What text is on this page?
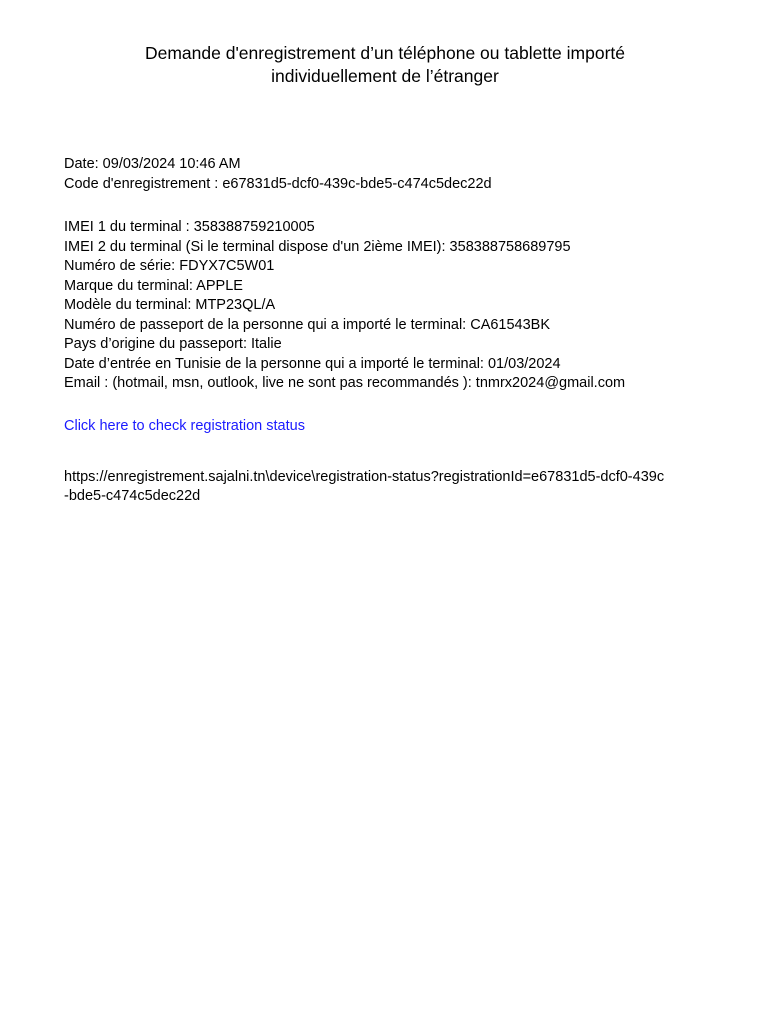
Demande d'enregistrement d’un téléphone ou tablette importé
individuellement de l’étranger
Date: 09/03/2024 10:46 AM
Code d'enregistrement : e67831d5-dcf0-439c-bde5-c474c5dec22d
IMEI 1 du terminal : 358388759210005
IMEI 2 du terminal (Si le terminal dispose d'un 2ième IMEI): 358388758689795
Numéro de série: FDYX7C5W01
Marque du terminal: APPLE
Modèle du terminal: MTP23QL/A
Numéro de passeport de la personne qui a importé le terminal: CA61543BK
Pays d’origine du passeport: Italie
Date d’entrée en Tunisie de la personne qui a importé le terminal: 01/03/2024
Email : (hotmail, msn, outlook, live ne sont pas recommandés ): tnmrx2024@gmail.com
Click here to check registration status
https://enregistrement.sajalni.tn\device\registration-status?registrationId=e67831d5-dcf0-439c
-bde5-c474c5dec22d
